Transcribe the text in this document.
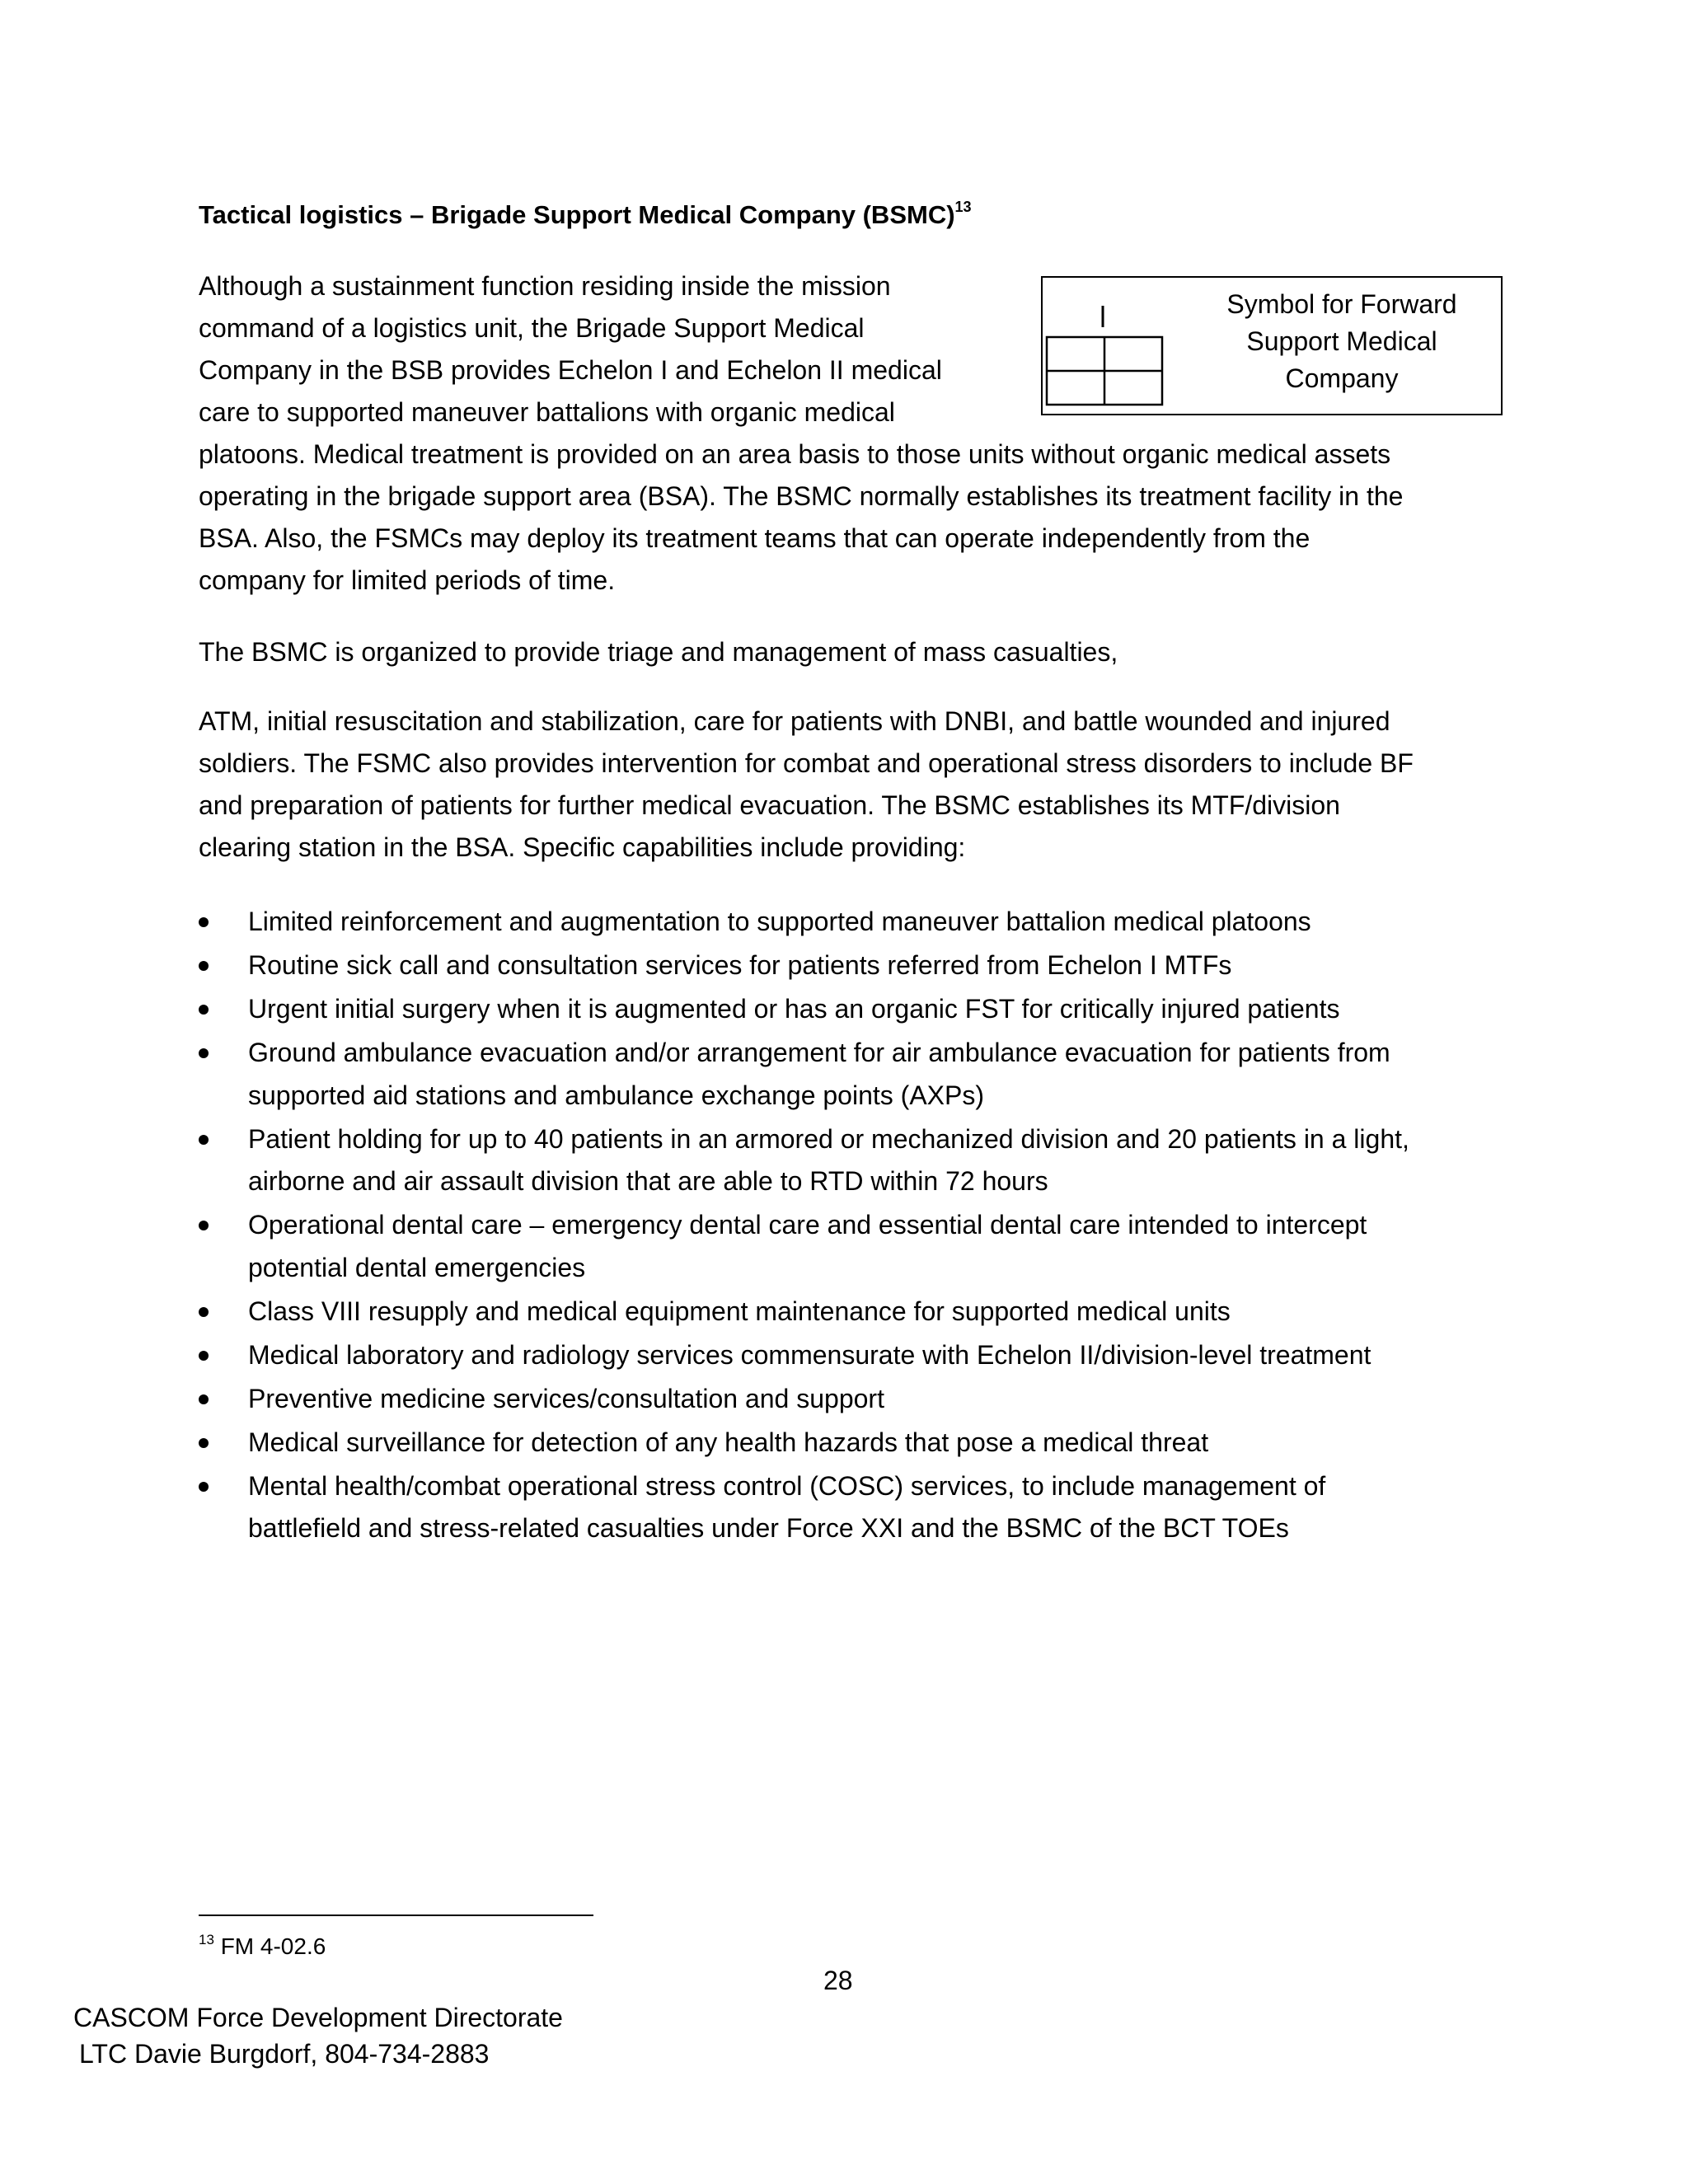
Tactical logistics – Brigade Support Medical Company (BSMC)$^{13}$
Symbol for Forward
Support Medical
Company
Although a sustainment function residing inside the mission
command of a logistics unit, the Brigade Support Medical
Company in the BSB provides Echelon I and Echelon II medical
care to supported maneuver battalions with organic medical
platoons. Medical treatment is provided on an area basis to those units without organic medical assets
operating in the brigade support area (BSA). The BSMC normally establishes its treatment facility in the
BSA. Also, the FSMCs may deploy its treatment teams that can operate independently from the
company for limited periods of time.
The BSMC is organized to provide triage and management of mass casualties,
ATM, initial resuscitation and stabilization, care for patients with DNBI, and battle wounded and injured
soldiers. The FSMC also provides intervention for combat and operational stress disorders to include BF
and preparation of patients for further medical evacuation. The BSMC establishes its MTF/division
clearing station in the BSA. Specific capabilities include providing:
Limited reinforcement and augmentation to supported maneuver battalion medical platoons
Routine sick call and consultation services for patients referred from Echelon I MTFs
Urgent initial surgery when it is augmented or has an organic FST for critically injured patients
Ground ambulance evacuation and/or arrangement for air ambulance evacuation for patients from
supported aid stations and ambulance exchange points (AXPs)
Patient holding for up to 40 patients in an armored or mechanized division and 20 patients in a light,
airborne and air assault division that are able to RTD within 72 hours
Operational dental care – emergency dental care and essential dental care intended to intercept
potential dental emergencies
Class VIII resupply and medical equipment maintenance for supported medical units
Medical laboratory and radiology services commensurate with Echelon II/division-level treatment
Preventive medicine services/consultation and support
Medical surveillance for detection of any health hazards that pose a medical threat
Mental health/combat operational stress control (COSC) services, to include management of
battlefield and stress-related casualties under Force XXI and the BSMC of the BCT TOEs
$^{13}$ FM 4-02.6
28
CASCOM Force Development Directorate
LTC Davie Burgdorf, 804-734-2883
